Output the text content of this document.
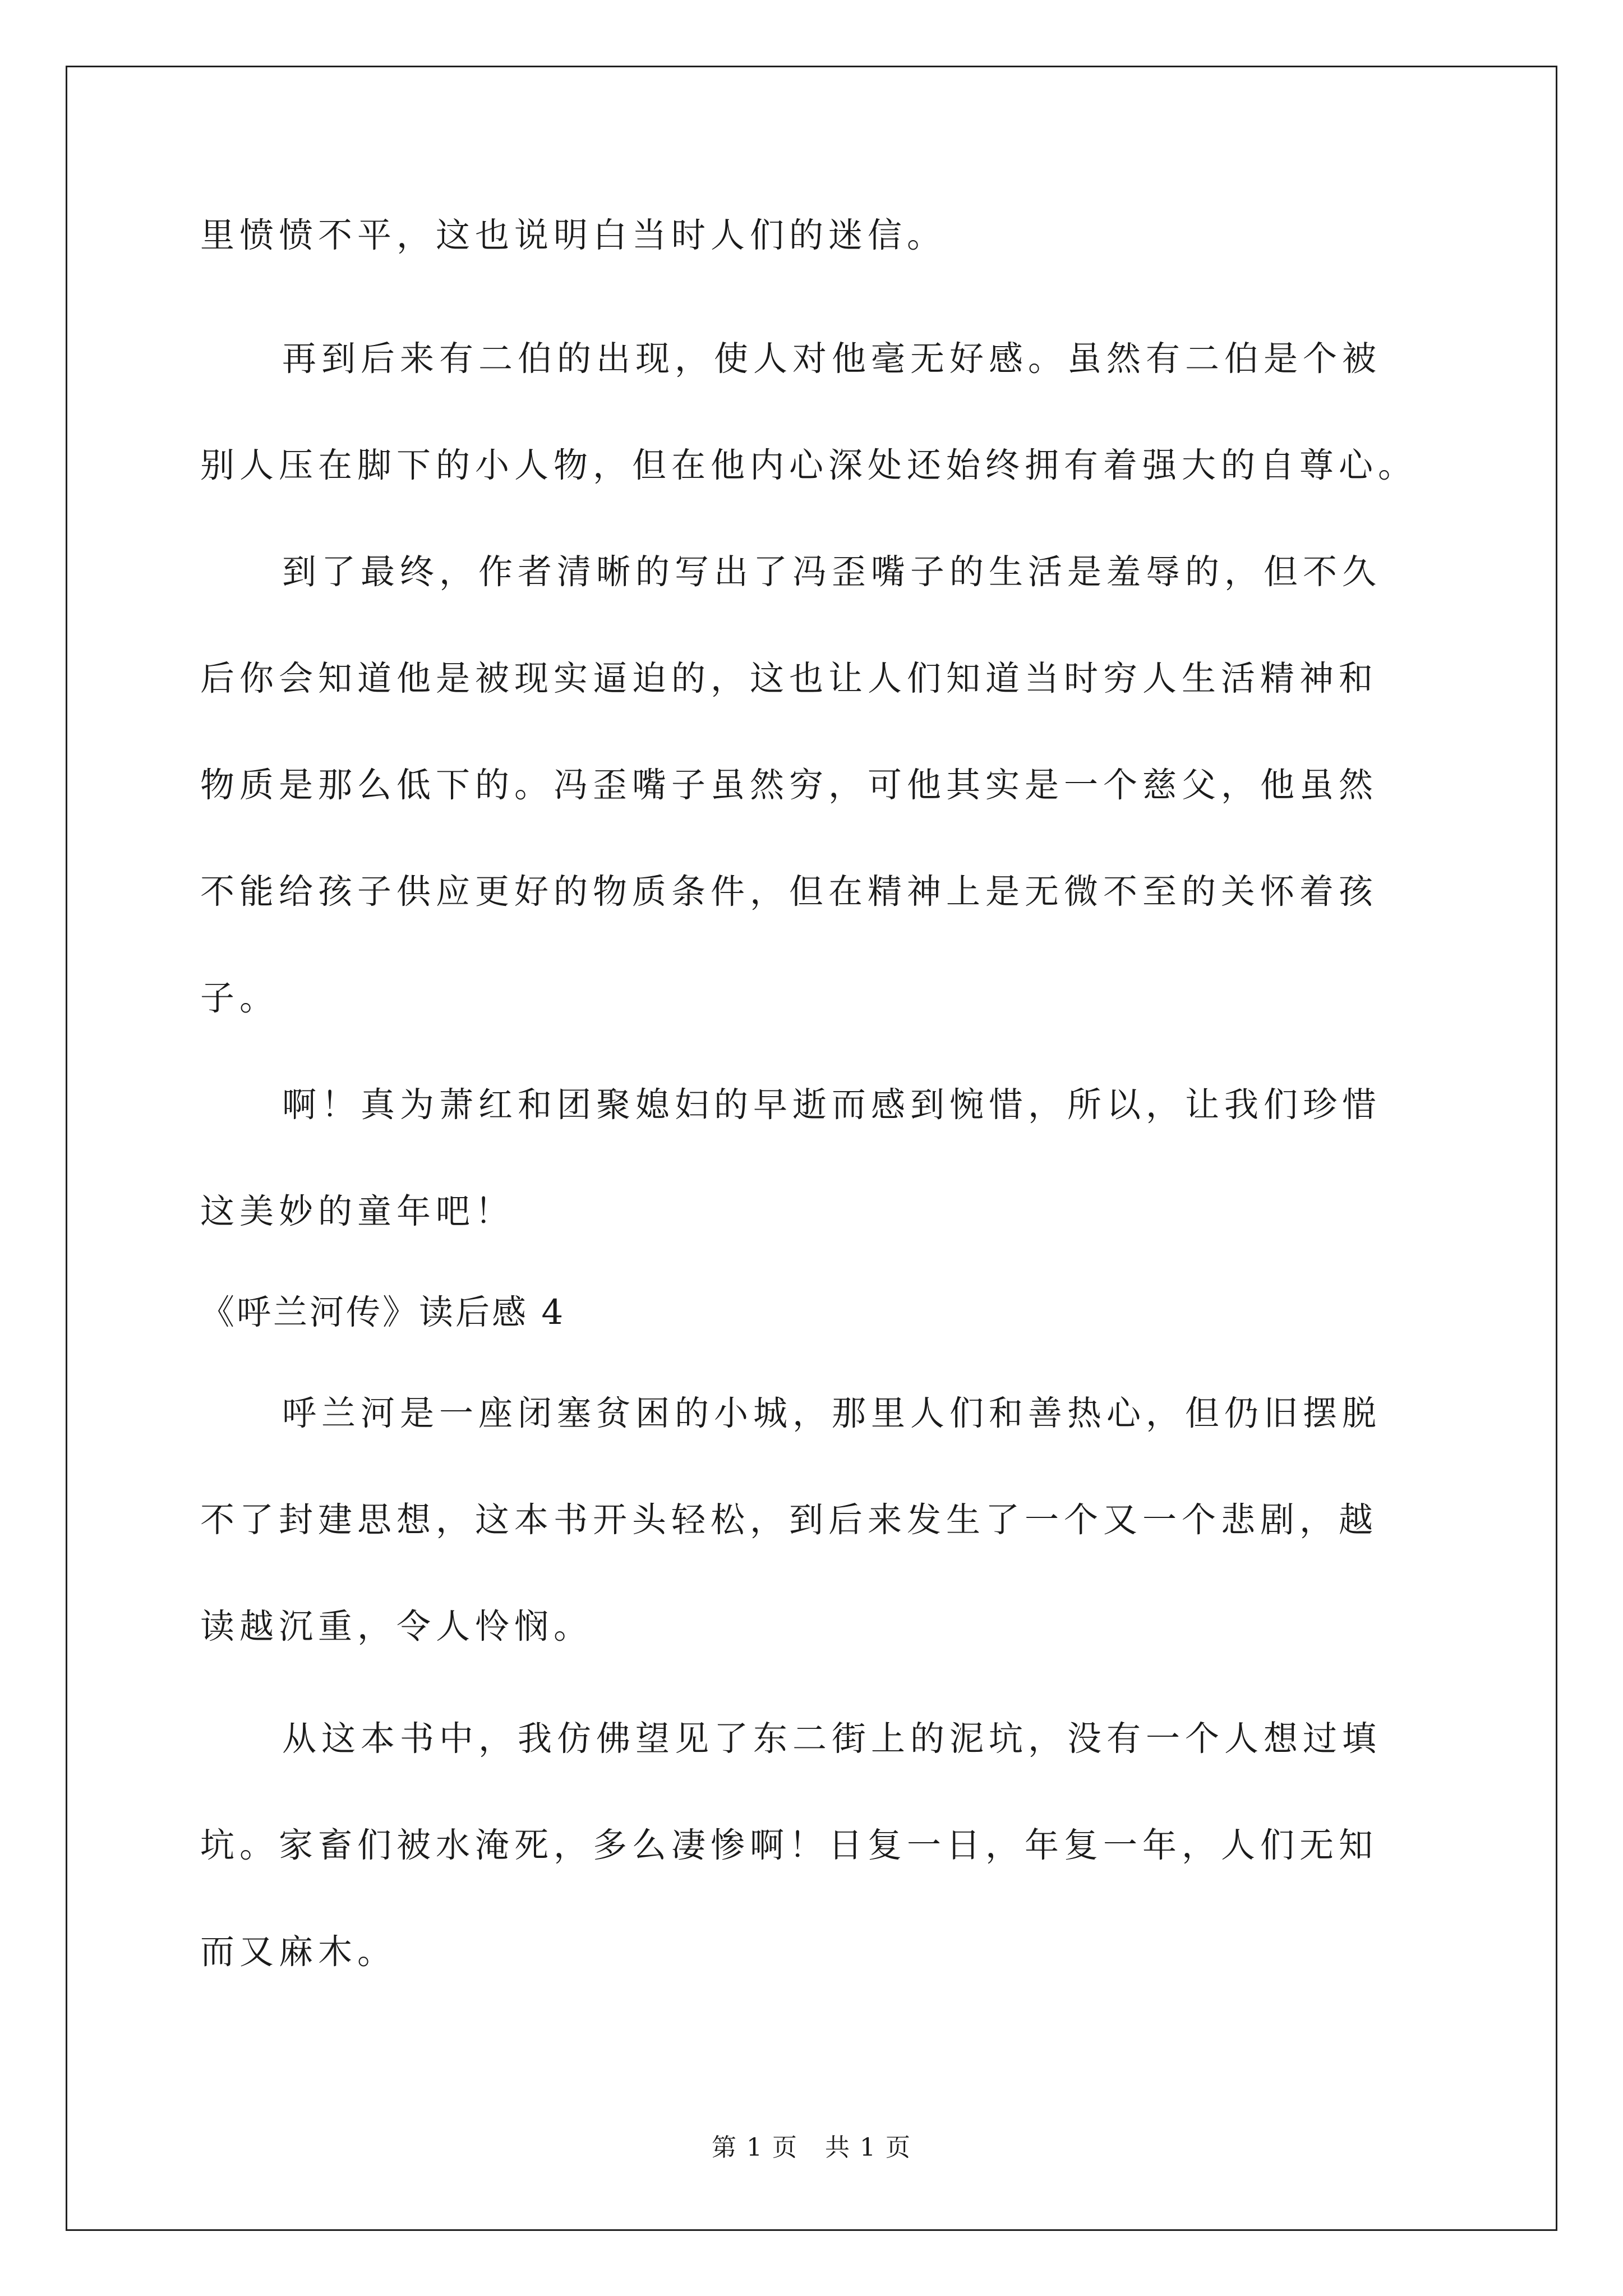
里愤愤不平，这也说明白当时人们的迷信。
再到后来有二伯的出现，使人对他毫无好感。虽然有二伯是个被
别人压在脚下的小人物，但在他内心深处还始终拥有着强大的自尊心。
到了最终，作者清晰的写出了冯歪嘴子的生活是羞辱的，但不久
后你会知道他是被现实逼迫的，这也让人们知道当时穷人生活精神和
物质是那么低下的。冯歪嘴子虽然穷，可他其实是一个慈父，他虽然
不能给孩子供应更好的物质条件，但在精神上是无微不至的关怀着孩
子。
啊！真为萧红和团聚媳妇的早逝而感到惋惜，所以，让我们珍惜
这美妙的童年吧！
《呼兰河传》读后感 4
呼兰河是一座闭塞贫困的小城，那里人们和善热心，但仍旧摆脱
不了封建思想，这本书开头轻松，到后来发生了一个又一个悲剧，越
读越沉重，令人怜悯。
从这本书中，我仿佛望见了东二街上的泥坑，没有一个人想过填
坑。家畜们被水淹死，多么凄惨啊！日复一日，年复一年，人们无知
而又麻木。
第 1 页   共 1 页
